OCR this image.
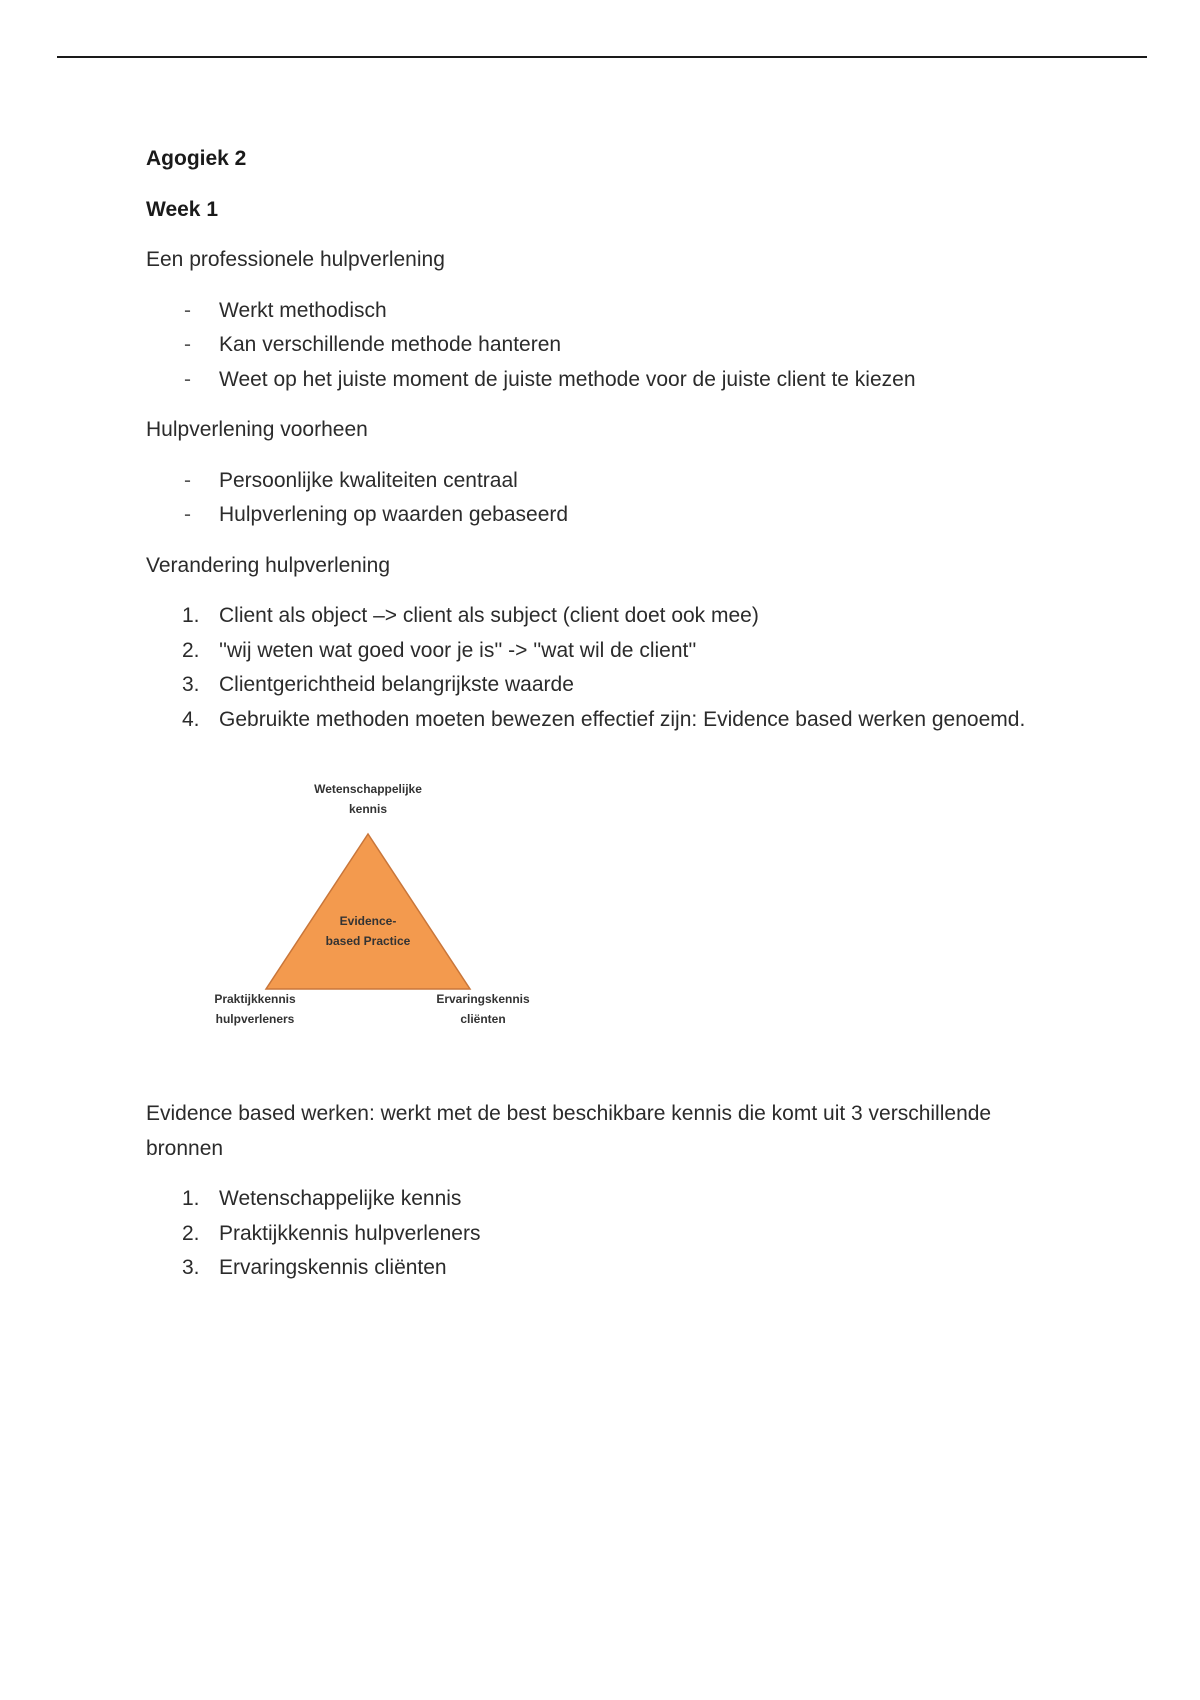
Agogiek 2
Week 1

Een professionele hulpverlening

-	Werkt methodisch
-	Kan verschillende methode hanteren
-	Weet op het juiste moment de juiste methode voor de juiste client te kiezen

Hulpverlening voorheen

-	Persoonlijke kwaliteiten centraal
-	Hulpverlening op waarden gebaseerd

Verandering hulpverlening

1. Client als object –> client als subject (client doet ook mee)
2. ''wij weten wat goed voor je is'' -> ''wat wil de client''
3. Clientgerichtheid belangrijkste waarde
4. Gebruikte methoden moeten bewezen effectief zijn: Evidence based werken genoemd.
Wetenschappelijke
kennis
Evidence-
based Practice
Praktijkkennis
hulpverleners
Ervaringskennis
cliënten

Evidence based werken: werkt met de best beschikbare kennis die komt uit 3 verschillende bronnen

1. Wetenschappelijke kennis
2. Praktijkkennis hulpverleners
3. Ervaringskennis cliënten
